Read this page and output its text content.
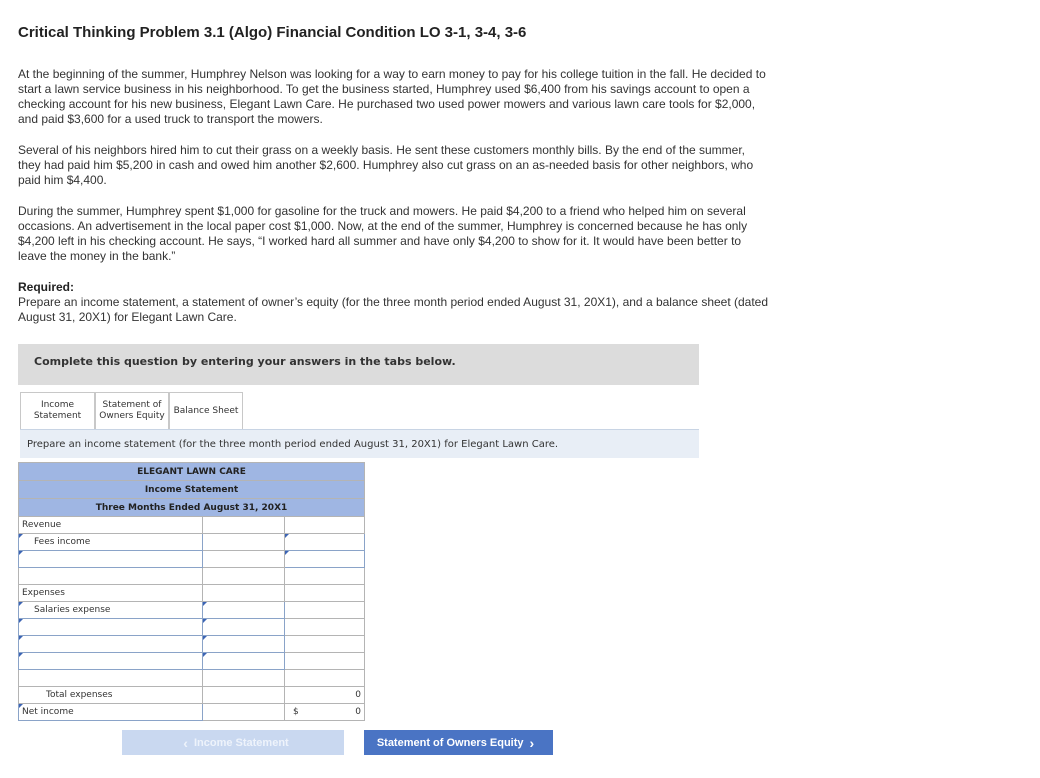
Critical Thinking Problem 3.1 (Algo) Financial Condition LO 3-1, 3-4, 3-6

At the beginning of the summer, Humphrey Nelson was looking for a way to earn money to pay for his college tuition in the fall. He decided to start a lawn service business in his neighborhood. To get the business started, Humphrey used $6,400 from his savings account to open a checking account for his new business, Elegant Lawn Care. He purchased two used power mowers and various lawn care tools for $2,000, and paid $3,600 for a used truck to transport the mowers.

Several of his neighbors hired him to cut their grass on a weekly basis. He sent these customers monthly bills. By the end of the summer, they had paid him $5,200 in cash and owed him another $2,600. Humphrey also cut grass on an as-needed basis for other neighbors, who paid him $4,400.

During the summer, Humphrey spent $1,000 for gasoline for the truck and mowers. He paid $4,200 to a friend who helped him on several occasions. An advertisement in the local paper cost $1,000. Now, at the end of the summer, Humphrey is concerned because he has only $4,200 left in his checking account. He says, “I worked hard all summer and have only $4,200 to show for it. It would have been better to leave the money in the bank.”

Required:

Prepare an income statement, a statement of owner’s equity (for the three month period ended August 31, 20X1), and a balance sheet (dated August 31, 20X1) for Elegant Lawn Care.

Complete this question by entering your answers in the tabs below.
Income
Statement
Statement of
Owners Equity
Balance Sheet
Prepare an income statement (for the three month period ended August 31, 20X1) for Elegant Lawn Care.
ELEGANT LAWN CARE		
Income Statement		
Three Months Ended August 31, 20X1		
Revenue		
Fees income		

Expenses		
Salaries expense		

Total expenses		0

Net income		$ 0
‹ Income Statement	Statement of Owners Equity ›
